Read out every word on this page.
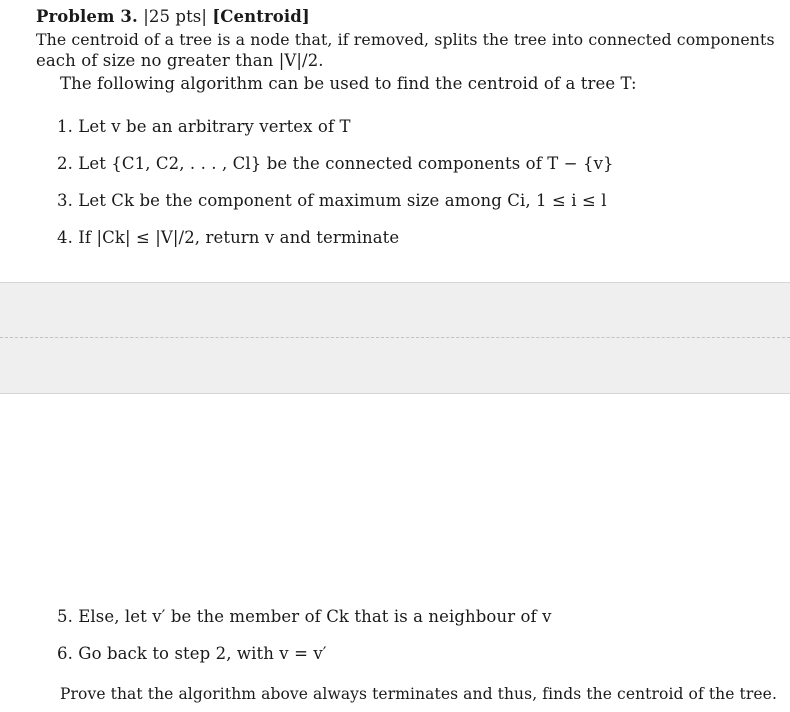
Problem 3. |25 pts| [Centroid]
The centroid of a tree is a node that, if removed, splits the tree into connected components
each of size no greater than |V|/2.
The following algorithm can be used to find the centroid of a tree T:
1. Let v be an arbitrary vertex of T
2. Let {C1, C2, . . . , Cl} be the connected components of T − {v}
3. Let Ck be the component of maximum size among Ci, 1 ≤ i ≤ l
4. If |Ck| ≤ |V|/2, return v and terminate
5. Else, let v′ be the member of Ck that is a neighbour of v
6. Go back to step 2, with v = v′
Prove that the algorithm above always terminates and thus, finds the centroid of the tree.
